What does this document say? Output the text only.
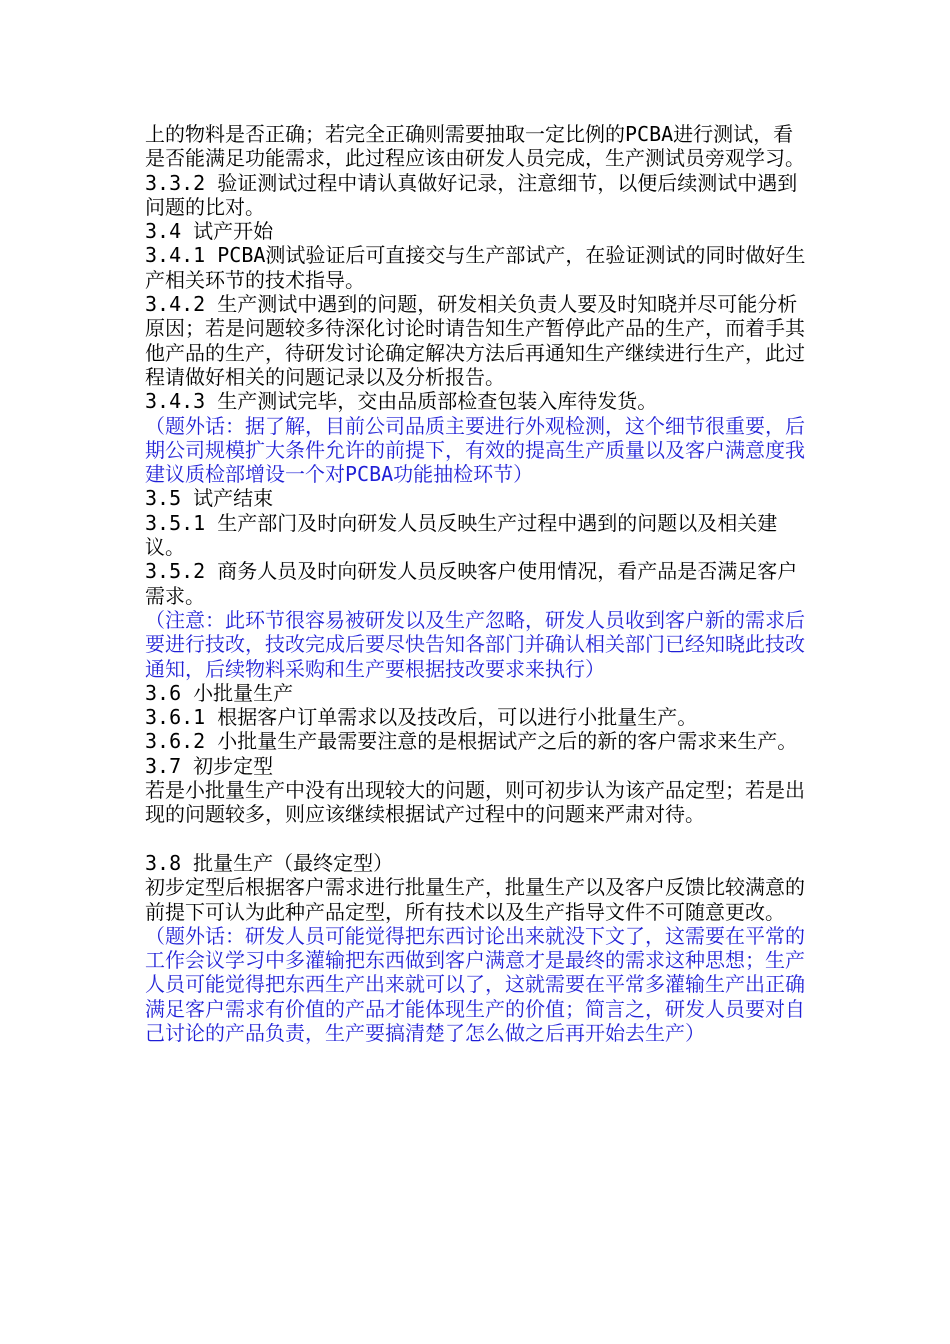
上的物料是否正确；若完全正确则需要抽取一定比例的PCBA进行测试，看是否能满足功能需求，此过程应该由研发人员完成，生产测试员旁观学习。

3.3.2 验证测试过程中请认真做好记录，注意细节，以便后续测试中遇到问题的比对。

3.4 试产开始

3.4.1 PCBA测试验证后可直接交与生产部试产，在验证测试的同时做好生产相关环节的技术指导。

3.4.2 生产测试中遇到的问题，研发相关负责人要及时知晓并尽可能分析原因；若是问题较多待深化讨论时请告知生产暂停此产品的生产，而着手其他产品的生产，待研发讨论确定解决方法后再通知生产继续进行生产，此过程请做好相关的问题记录以及分析报告。

3.4.3 生产测试完毕，交由品质部检查包装入库待发货。

（题外话：据了解，目前公司品质主要进行外观检测，这个细节很重要，后期公司规模扩大条件允许的前提下，有效的提高生产质量以及客户满意度我建议质检部增设一个对PCBA功能抽检环节）

3.5 试产结束

3.5.1 生产部门及时向研发人员反映生产过程中遇到的问题以及相关建议。

3.5.2 商务人员及时向研发人员反映客户使用情况，看产品是否满足客户需求。

（注意：此环节很容易被研发以及生产忽略，研发人员收到客户新的需求后要进行技改，技改完成后要尽快告知各部门并确认相关部门已经知晓此技改通知，后续物料采购和生产要根据技改要求来执行）

3.6 小批量生产

3.6.1 根据客户订单需求以及技改后，可以进行小批量生产。

3.6.2 小批量生产最需要注意的是根据试产之后的新的客户需求来生产。

3.7 初步定型

若是小批量生产中没有出现较大的问题，则可初步认为该产品定型；若是出现的问题较多，则应该继续根据试产过程中的问题来严肃对待。

3.8 批量生产（最终定型）

初步定型后根据客户需求进行批量生产，批量生产以及客户反馈比较满意的前提下可认为此种产品定型，所有技术以及生产指导文件不可随意更改。

（题外话：研发人员可能觉得把东西讨论出来就没下文了，这需要在平常的工作会议学习中多灌输把东西做到客户满意才是最终的需求这种思想；生产人员可能觉得把东西生产出来就可以了，这就需要在平常多灌输生产出正确满足客户需求有价值的产品才能体现生产的价值；简言之，研发人员要对自己讨论的产品负责，生产要搞清楚了怎么做之后再开始去生产）
